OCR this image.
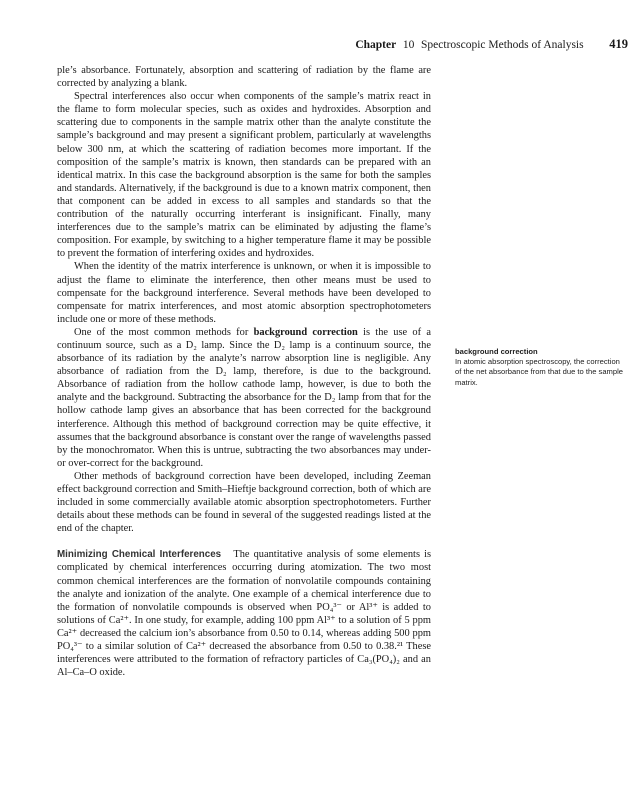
Chapter 10 Spectroscopic Methods of Analysis 419

ple’s absorbance. Fortunately, absorption and scattering of radiation by the flame are corrected by analyzing a blank.

Spectral interferences also occur when components of the sample’s matrix react in the flame to form molecular species, such as oxides and hydroxides. Absorption and scattering due to components in the sample matrix other than the analyte constitute the sample’s background and may present a significant problem, particularly at wavelengths below 300 nm, at which the scattering of radiation becomes more important. If the composition of the sample’s matrix is known, then standards can be prepared with an identical matrix. In this case the background absorption is the same for both the samples and standards. Alternatively, if the background is due to a known matrix component, then that component can be added in excess to all samples and standards so that the contribution of the naturally occurring interferant is insignificant. Finally, many interferences due to the sample’s matrix can be eliminated by adjusting the flame’s composition. For example, by switching to a higher temperature flame it may be possible to prevent the formation of interfering oxides and hydroxides.

When the identity of the matrix interference is unknown, or when it is impossible to adjust the flame to eliminate the interference, then other means must be used to compensate for the background interference. Several methods have been developed to compensate for matrix interferences, and most atomic absorption spectrophotometers include one or more of these methods.

One of the most common methods for background correction is the use of a continuum source, such as a D₂ lamp. Since the D₂ lamp is a continuum source, the absorbance of its radiation by the analyte’s narrow absorption line is negligible. Any absorbance of radiation from the D₂ lamp, therefore, is due to the background. Absorbance of radiation from the hollow cathode lamp, however, is due to both the analyte and the background. Subtracting the absorbance for the D₂ lamp from that for the hollow cathode lamp gives an absorbance that has been corrected for the background interference. Although this method of background correction may be quite effective, it assumes that the background absorbance is constant over the range of wavelengths passed by the monochromator. When this is untrue, subtracting the two absorbances may under- or over-correct for the background.

Other methods of background correction have been developed, including Zeeman effect background correction and Smith–Hieftje background correction, both of which are included in some commercially available atomic absorption spectrophotometers. Further details about these methods can be found in several of the suggested readings listed at the end of the chapter.

Minimizing Chemical Interferences The quantitative analysis of some elements is complicated by chemical interferences occurring during atomization. The two most common chemical interferences are the formation of nonvolatile compounds containing the analyte and ionization of the analyte. One example of a chemical interference due to the formation of nonvolatile compounds is observed when PO₄³⁻ or Al³⁺ is added to solutions of Ca²⁺. In one study, for example, adding 100 ppm Al³⁺ to a solution of 5 ppm Ca²⁺ decreased the calcium ion’s absorbance from 0.50 to 0.14, whereas adding 500 ppm PO₄³⁻ to a similar solution of Ca²⁺ decreased the absorbance from 0.50 to 0.38.²¹ These interferences were attributed to the formation of refractory particles of Ca₃(PO₄)₂ and an Al–Ca–O oxide.

background correction
In atomic absorption spectroscopy, the correction of the net absorbance from that due to the sample matrix.
